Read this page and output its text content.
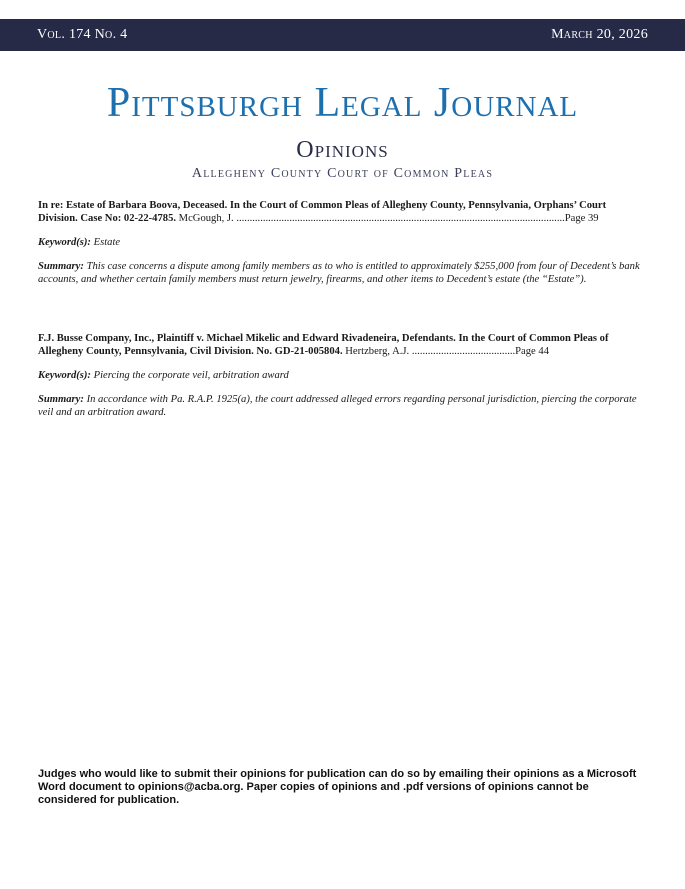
Vol. 174 No. 4	March 20, 2026
Pittsburgh Legal Journal
Opinions
Allegheny County Court of Common Pleas
In re: Estate of Barbara Boova, Deceased. In the Court of Common Pleas of Allegheny County, Pennsylvania, Orphans’ Court Division. Case No: 02-22-4785. McGough, J. ............................................................................................................................Page 39
Keyword(s): Estate
Summary: This case concerns a dispute among family members as to who is entitled to approximately $255,000 from four of Decedent’s bank accounts, and whether certain family members must return jewelry, firearms, and other items to Decedent’s estate (the “Estate”).
F.J. Busse Company, Inc., Plaintiff v. Michael Mikelic and Edward Rivadeneira, Defendants. In the Court of Common Pleas of Allegheny County, Pennsylvania, Civil Division. No. GD-21-005804. Hertzberg, A.J. .......................................Page 44
Keyword(s): Piercing the corporate veil, arbitration award
Summary: In accordance with Pa. R.A.P. 1925(a), the court addressed alleged errors regarding personal jurisdiction, piercing the corporate veil and an arbitration award.
Judges who would like to submit their opinions for publication can do so by emailing their opinions as a Microsoft Word document to opinions@acba.org. Paper copies of opinions and .pdf versions of opinions cannot be considered for publication.
